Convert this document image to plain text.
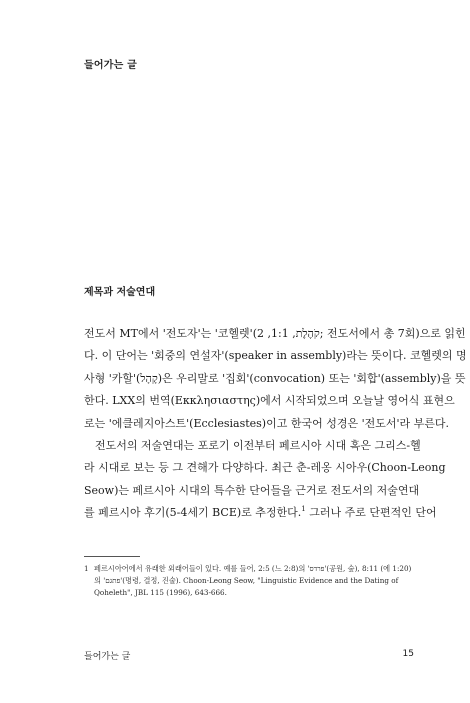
들어가는 글
제목과 저술연대
전도서 MT에서 '전도자'는 '코헬렛'(קֹהֶלֶת, 1:1, 2; 전도서에서 총 7회)으로 읽힌
다. 이 단어는 '회중의 연설자'(speaker in assembly)라는 뜻이다. 코헬렛의 명
사형 '카할'(קָהָל)은 우리말로 '집회'(convocation) 또는 '회합'(assembly)을 뜻
한다. LXX의 번역(Εκκλησιαστης)에서 시작되었으며 오늘날 영어식 표현으
로는 '에클레지아스트'(Ecclesiastes)이고 한국어 성경은 '전도서'라 부른다.
전도서의 저술연대는 포로기 이전부터 페르시아 시대 혹은 그리스-헬
라 시대로 보는 등 그 견해가 다양하다. 최근 춘-레옹 시아우(Choon-Leong
Seow)는 페르시아 시대의 특수한 단어들을 근거로 전도서의 저술연대
를 페르시아 후기(5-4세기 BCE)로 추정한다.$^1$ 그러나 주로 단편적인 단어
1 페르시아어에서 유래한 외래어들이 있다. 예를 들어, 2:5 (느 2:8)의 'פרדס'(공원, 숲), 8:11 (에 1:20)
의 'פתגם'(명령, 결정, 진술). Choon-Leong Seow, "Linguistic Evidence and the Dating of
Qoheleth", JBL 115 (1996), 643-666.
들어가는 글	15
